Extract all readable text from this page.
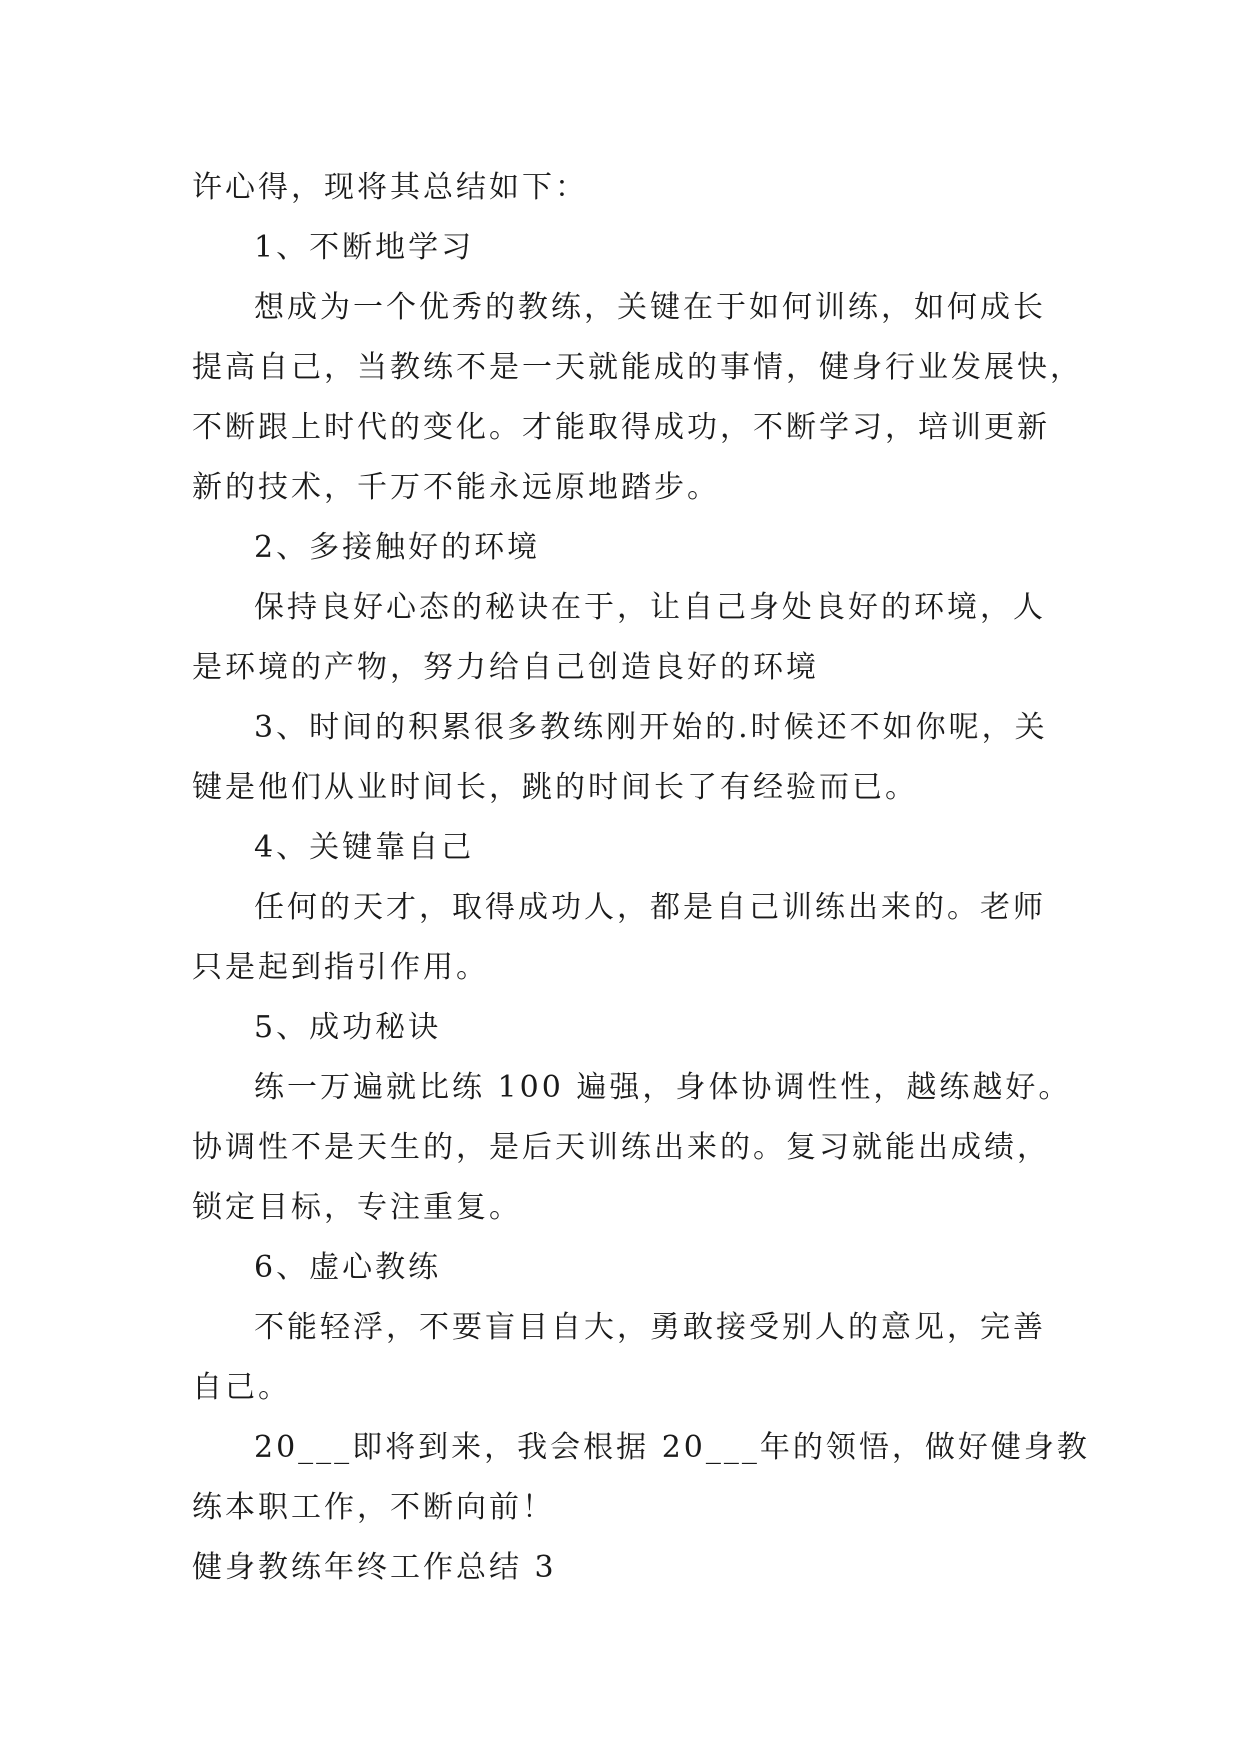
许心得，现将其总结如下：
1、不断地学习
想成为一个优秀的教练，关键在于如何训练，如何成长
提高自己，当教练不是一天就能成的事情，健身行业发展快，
不断跟上时代的变化。才能取得成功，不断学习，培训更新
新的技术，千万不能永远原地踏步。
2、多接触好的环境
保持良好心态的秘诀在于，让自己身处良好的环境，人
是环境的产物，努力给自己创造良好的环境
3、时间的积累很多教练刚开始的.时候还不如你呢，关
键是他们从业时间长，跳的时间长了有经验而已。
4、关键靠自己
任何的天才，取得成功人，都是自己训练出来的。老师
只是起到指引作用。
5、成功秘诀
练一万遍就比练 100 遍强，身体协调性性，越练越好。
协调性不是天生的，是后天训练出来的。复习就能出成绩，
锁定目标，专注重复。
6、虚心教练
不能轻浮，不要盲目自大，勇敢接受别人的意见，完善
自己。
20___即将到来，我会根据 20___年的领悟，做好健身教
练本职工作，不断向前！
健身教练年终工作总结 3
